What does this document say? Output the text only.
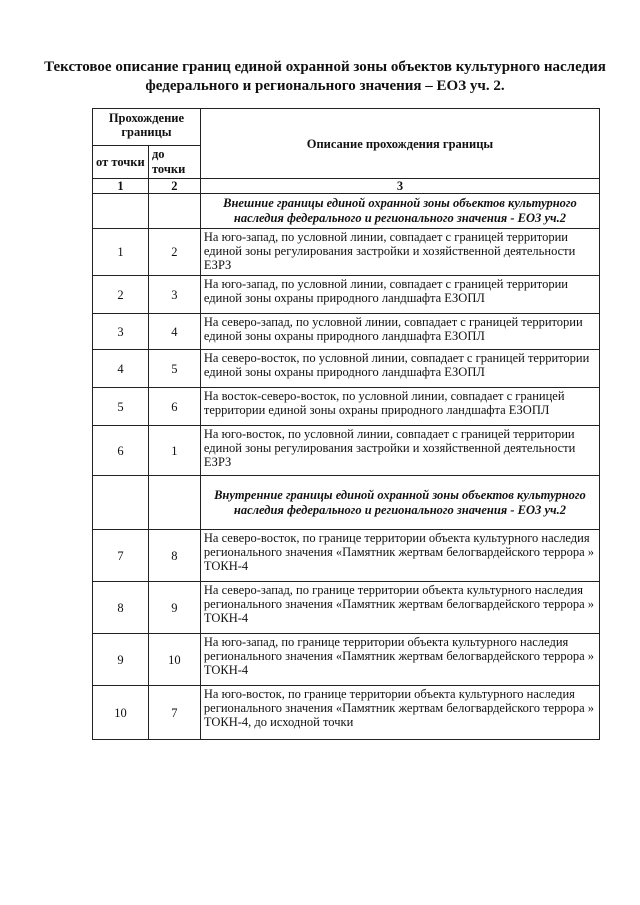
Текстовое описание границ единой охранной зоны объектов культурного наследия федерального и регионального значения – ЕОЗ уч. 2.
Прохождение границы		Описание прохождения границы
от точки	до точки	
1	2	3
		Внешние границы единой охранной зоны объектов культурного наследия федерального и регионального значения - ЕОЗ уч.2
1	2	На юго-запад, по условной линии, совпадает с границей территории единой зоны регулирования застройки и хозяйственной деятельности ЕЗРЗ
2	3	На юго-запад, по условной линии, совпадает с границей территории единой зоны охраны природного ландшафта ЕЗОПЛ
3	4	На северо-запад, по условной линии, совпадает с границей территории единой зоны охраны природного ландшафта ЕЗОПЛ
4	5	На северо-восток, по условной линии, совпадает с границей территории единой зоны охраны природного ландшафта ЕЗОПЛ
5	6	На восток-северо-восток, по условной линии, совпадает с границей территории единой зоны охраны природного ландшафта ЕЗОПЛ
6	1	На юго-восток, по условной линии, совпадает с границей территории единой зоны регулирования застройки и хозяйственной деятельности ЕЗРЗ
		Внутренние границы единой охранной зоны объектов культурного наследия федерального и регионального значения - ЕОЗ уч.2
7	8	На северо-восток, по границе территории объекта культурного наследия регионального значения «Памятник жертвам белогвардейского террора » ТОКН-4
8	9	На северо-запад, по границе территории объекта культурного наследия регионального значения «Памятник жертвам белогвардейского террора » ТОКН-4
9	10	На юго-запад, по границе территории объекта культурного наследия регионального значения «Памятник жертвам белогвардейского террора » ТОКН-4
10	7	На юго-восток, по границе территории объекта культурного наследия регионального значения «Памятник жертвам белогвардейского террора » ТОКН-4, до исходной точки
